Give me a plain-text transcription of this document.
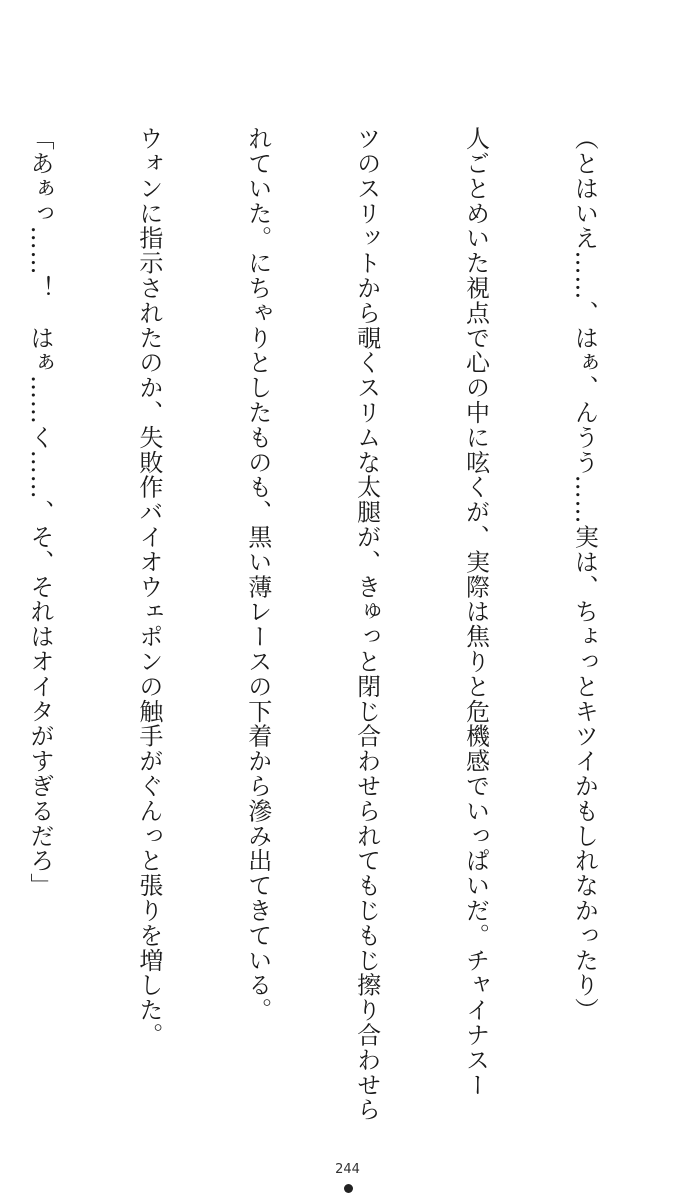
（とはいえ……、はぁ、んうう……実は、ちょっとキツイかもしれなかったり）

人ごとめいた視点で心の中に呟くが、実際は焦りと危機感でいっぱいだ。チャイナスー

ツのスリットから覗くスリムな太腿が、きゅっと閉じ合わせられてもじもじ擦り合わせら

れていた。にちゃりとしたものも、黒い薄レースの下着から滲み出てきている。

ウォンに指示されたのか、失敗作バイオウェポンの触手がぐんっと張りを増した。

「あぁっ……！　はぁ……く……、そ、それはオイタがすぎるだろ」

244
